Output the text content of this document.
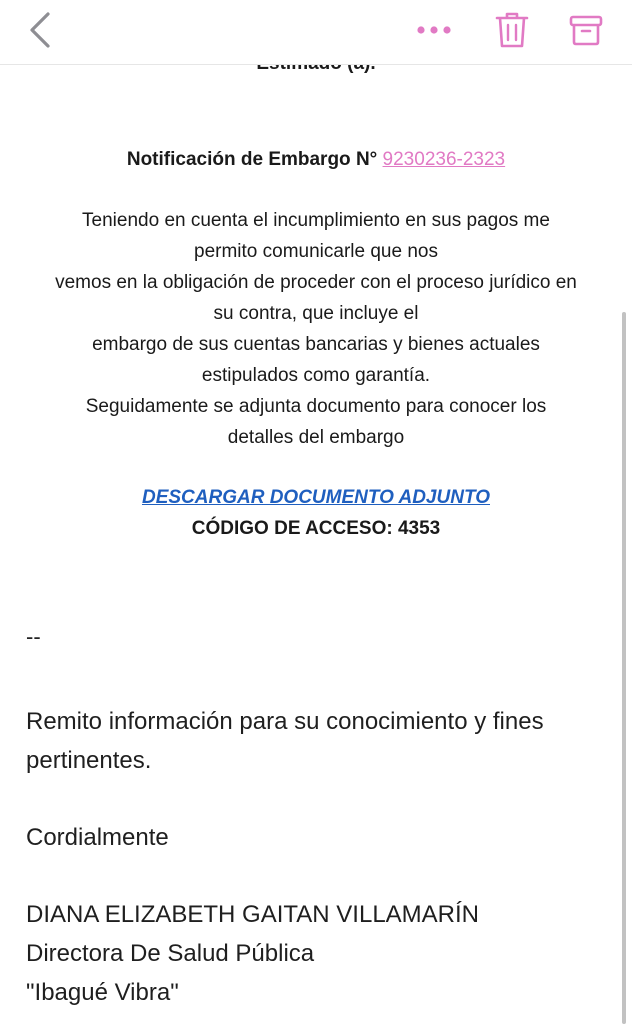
Notificación de Embargo N° 9230236-2323
Teniendo en cuenta el incumplimiento en sus pagos me
permito comunicarle que nos
vemos en la obligación de proceder con el proceso jurídico en
su contra, que incluye el
embargo de sus cuentas bancarias y bienes actuales
estipulados como garantía.
Seguidamente se adjunta documento para conocer los
detalles del embargo
DESCARGAR DOCUMENTO ADJUNTO
CÓDIGO DE ACCESO: 4353
--
Remito información para su conocimiento y fines pertinentes.
Cordialmente
DIANA ELIZABETH GAITAN VILLAMARÍN
Directora De Salud Pública
"Ibagué Vibra"
